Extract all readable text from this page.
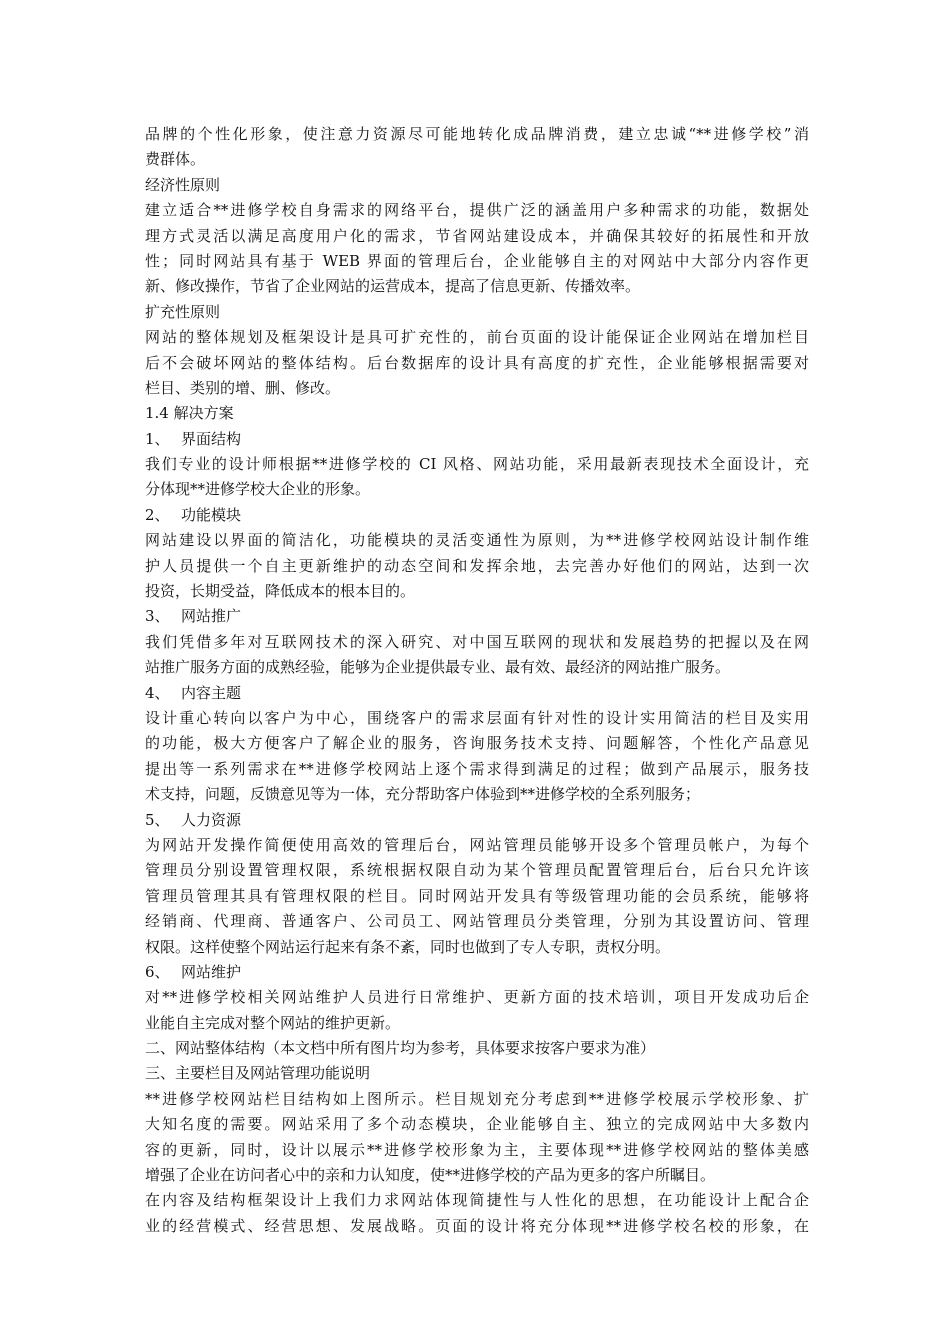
品牌的个性化形象，使注意力资源尽可能地转化成品牌消费，建立忠诚“**进修学校”消
费群体。
经济性原则
建立适合**进修学校自身需求的网络平台，提供广泛的涵盖用户多种需求的功能，数据处
理方式灵活以满足高度用户化的需求，节省网站建设成本，并确保其较好的拓展性和开放
性；同时网站具有基于 WEB 界面的管理后台，企业能够自主的对网站中大部分内容作更
新、修改操作，节省了企业网站的运营成本，提高了信息更新、传播效率。
扩充性原则
网站的整体规划及框架设计是具可扩充性的，前台页面的设计能保证企业网站在增加栏目
后不会破坏网站的整体结构。后台数据库的设计具有高度的扩充性，企业能够根据需要对
栏目、类别的增、删、修改。
1.4 解决方案
1、 界面结构
我们专业的设计师根据**进修学校的 CI 风格、网站功能，采用最新表现技术全面设计，充
分体现**进修学校大企业的形象。
2、 功能模块
网站建设以界面的简洁化，功能模块的灵活变通性为原则，为**进修学校网站设计制作维
护人员提供一个自主更新维护的动态空间和发挥余地，去完善办好他们的网站，达到一次
投资，长期受益，降低成本的根本目的。
3、 网站推广
我们凭借多年对互联网技术的深入研究、对中国互联网的现状和发展趋势的把握以及在网
站推广服务方面的成熟经验，能够为企业提供最专业、最有效、最经济的网站推广服务。
4、 内容主题
设计重心转向以客户为中心，围绕客户的需求层面有针对性的设计实用简洁的栏目及实用
的功能，极大方便客户了解企业的服务，咨询服务技术支持、问题解答，个性化产品意见
提出等一系列需求在**进修学校网站上逐个需求得到满足的过程；做到产品展示，服务技
术支持，问题，反馈意见等为一体，充分帮助客户体验到**进修学校的全系列服务；
5、 人力资源
为网站开发操作简便使用高效的管理后台，网站管理员能够开设多个管理员帐户，为每个
管理员分别设置管理权限，系统根据权限自动为某个管理员配置管理后台，后台只允许该
管理员管理其具有管理权限的栏目。同时网站开发具有等级管理功能的会员系统，能够将
经销商、代理商、普通客户、公司员工、网站管理员分类管理，分别为其设置访问、管理
权限。这样使整个网站运行起来有条不紊，同时也做到了专人专职，责权分明。
6、 网站维护
对**进修学校相关网站维护人员进行日常维护、更新方面的技术培训，项目开发成功后企
业能自主完成对整个网站的维护更新。
二、网站整体结构（本文档中所有图片均为参考，具体要求按客户要求为准）
三、主要栏目及网站管理功能说明
**进修学校网站栏目结构如上图所示。栏目规划充分考虑到**进修学校展示学校形象、扩
大知名度的需要。网站采用了多个动态模块，企业能够自主、独立的完成网站中大多数内
容的更新，同时，设计以展示**进修学校形象为主，主要体现**进修学校网站的整体美感
增强了企业在访问者心中的亲和力认知度，使**进修学校的产品为更多的客户所瞩目。
在内容及结构框架设计上我们力求网站体现简捷性与人性化的思想，在功能设计上配合企
业的经营模式、经营思想、发展战略。页面的设计将充分体现**进修学校名校的形象，在
